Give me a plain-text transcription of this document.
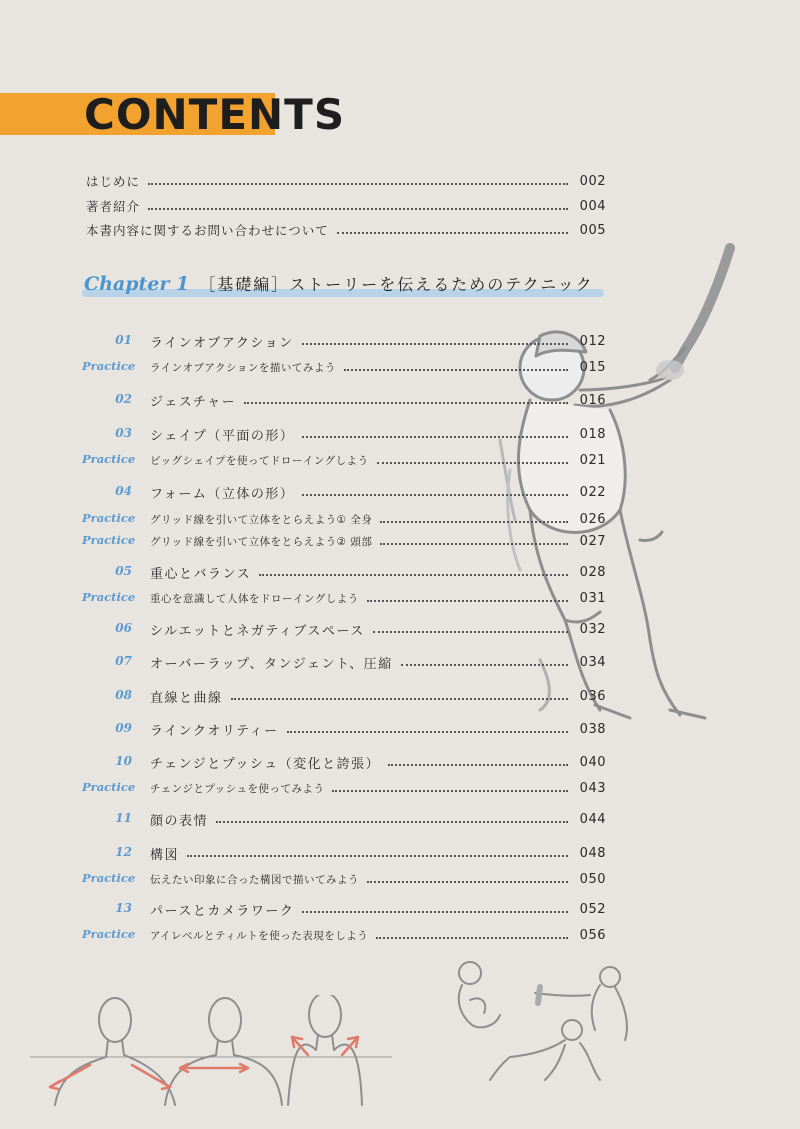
CONTENTS
はじめに	002
著者紹介	004
本書内容に関するお問い合わせについて	005
Chapter 1 ［基礎編］ストーリーを伝えるためのテクニック
01 ラインオブアクション	012
Practice ラインオブアクションを描いてみよう	015
02 ジェスチャー	016
03 シェイプ（平面の形）	018
Practice ビッグシェイプを使ってドローイングしよう	021
04 フォーム（立体の形）	022
Practice グリッド線を引いて立体をとらえよう① 全身	026
Practice グリッド線を引いて立体をとらえよう② 頭部	027
05 重心とバランス	028
Practice 重心を意識して人体をドローイングしよう	031
06 シルエットとネガティブスペース	032
07 オーバーラップ、タンジェント、圧縮	034
08 直線と曲線	036
09 ラインクオリティー	038
10 チェンジとプッシュ（変化と誇張）	040
Practice チェンジとプッシュを使ってみよう	043
11 顔の表情	044
12 構図	048
Practice 伝えたい印象に合った構図で描いてみよう	050
13 パースとカメラワーク	052
Practice アイレベルとティルトを使った表現をしよう	056
